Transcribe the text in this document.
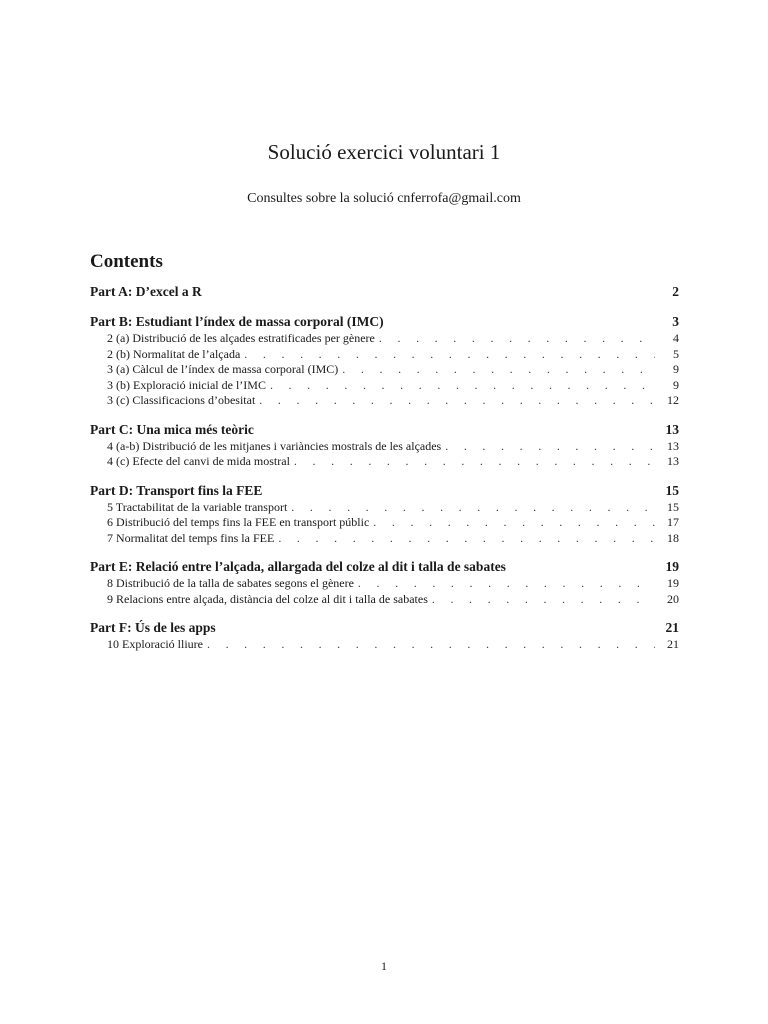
Solució exercici voluntari 1
Consultes sobre la solució cnferrofa@gmail.com
Contents
Part A: D’excel a R	2
Part B: Estudiant l’índex de massa corporal (IMC)	3
2 (a) Distribució de les alçades estratificades per gènere . . .	4
2 (b) Normalitat de l’alçada . . .	5
3 (a) Càlcul de l’índex de massa corporal (IMC) . . .	9
3 (b) Exploració inicial de l’IMC . . .	9
3 (c) Classificacions d’obesitat . . .	12
Part C: Una mica més teòric	13
4 (a-b) Distribució de les mitjanes i variàncies mostrals de les alçades . . .	13
4 (c) Efecte del canvi de mida mostral . . .	13
Part D: Transport fins la FEE	15
5 Tractabilitat de la variable transport . . .	15
6 Distribució del temps fins la FEE en transport públic . . .	17
7 Normalitat del temps fins la FEE . . .	18
Part E: Relació entre l’alçada, allargada del colze al dit i talla de sabates	19
8 Distribució de la talla de sabates segons el gènere . . .	19
9 Relacions entre alçada, distància del colze al dit i talla de sabates . . .	20
Part F: Ús de les apps	21
10 Exploració lliure . . .	21
1
